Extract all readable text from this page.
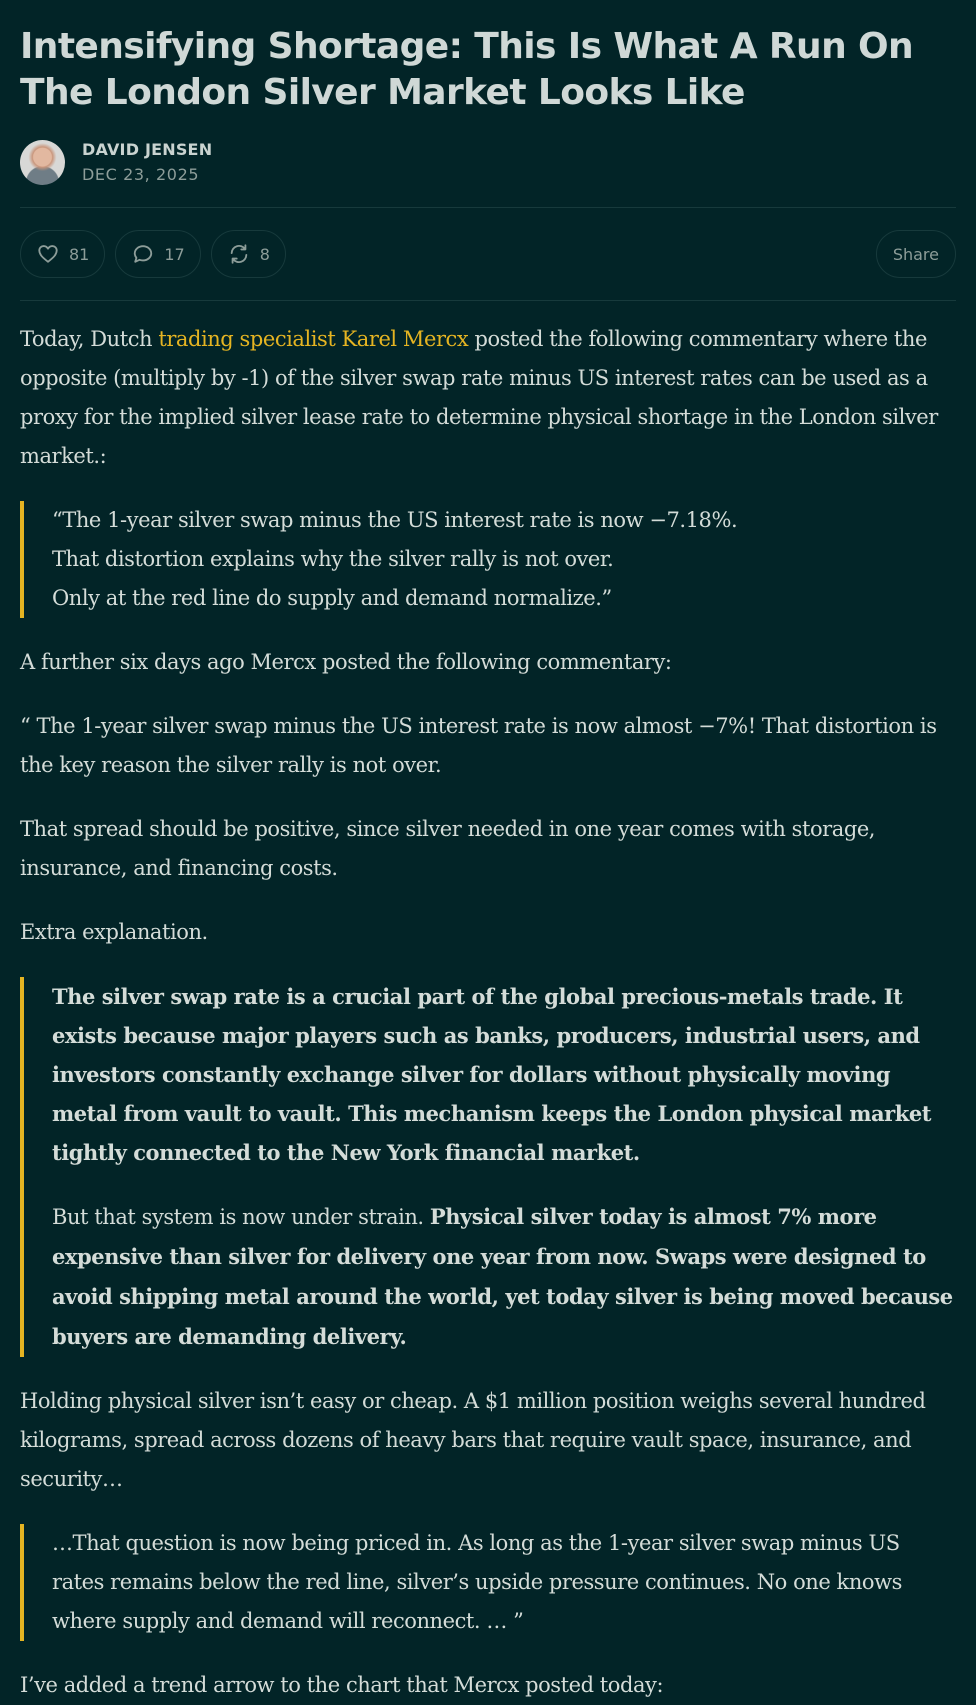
Intensifying Shortage: This Is What A Run On The London Silver Market Looks Like
DAVID JENSEN
DEC 23, 2025
81	17	8	Share

Today, Dutch trading specialist Karel Mercx posted the following commentary where the opposite (multiply by -1) of the silver swap rate minus US interest rates can be used as a proxy for the implied silver lease rate to determine physical shortage in the London silver market.:

“The 1-year silver swap minus the US interest rate is now −7.18%.

That distortion explains why the silver rally is not over.

Only at the red line do supply and demand normalize.”

A further six days ago Mercx posted the following commentary:

“ The 1-year silver swap minus the US interest rate is now almost −7%! That distortion is the key reason the silver rally is not over.

That spread should be positive, since silver needed in one year comes with storage, insurance, and financing costs.

Extra explanation.

The silver swap rate is a crucial part of the global precious-metals trade. It exists because major players such as banks, producers, industrial users, and investors constantly exchange silver for dollars without physically moving metal from vault to vault. This mechanism keeps the London physical market tightly connected to the New York financial market.

But that system is now under strain. Physical silver today is almost 7% more expensive than silver for delivery one year from now. Swaps were designed to avoid shipping metal around the world, yet today silver is being moved because buyers are demanding delivery.

Holding physical silver isn’t easy or cheap. A $1 million position weighs several hundred kilograms, spread across dozens of heavy bars that require vault space, insurance, and security…

…That question is now being priced in. As long as the 1-year silver swap minus US rates remains below the red line, silver’s upside pressure continues. No one knows where supply and demand will reconnect. … ”

I’ve added a trend arrow to the chart that Mercx posted today:
